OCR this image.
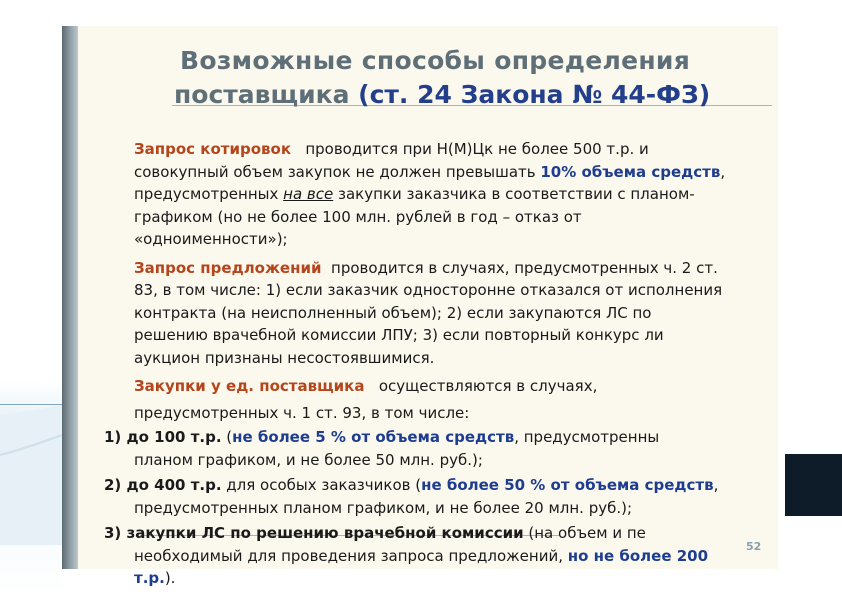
Возможные способы определения
поставщика (ст. 24 Закона № 44-ФЗ)
Запрос котировок проводится при Н(М)Цк не более 500 т.р. и
совокупный объем закупок не должен превышать 10% объема средств,
предусмотренных на все закупки заказчика в соответствии с планом-
графиком (но не более 100 млн. рублей в год – отказ от
«одноименности»);
Запрос предложений проводится в случаях, предусмотренных ч. 2 ст.
83, в том числе: 1) если заказчик односторонне отказался от исполнения
контракта (на неисполненный объем); 2) если закупаются ЛС по
решению врачебной комиссии ЛПУ; 3) если повторный конкурс ли
аукцион признаны несостоявшимися.
Закупки у ед. поставщика осуществляются в случаях,
предусмотренных ч. 1 ст. 93, в том числе:
1) до 100 т.р. (не более 5 % от объема средств, предусмотренны
планом графиком, и не более 50 млн. руб.);
2) до 400 т.р. для особых заказчиков (не более 50 % от объема средств,
предусмотренных планом графиком, и не более 20 млн. руб.);
3) закупки ЛС по решению врачебной комиссии (на объем и пе
необходимый для проведения запроса предложений, но не более 200
т.р.).
52
